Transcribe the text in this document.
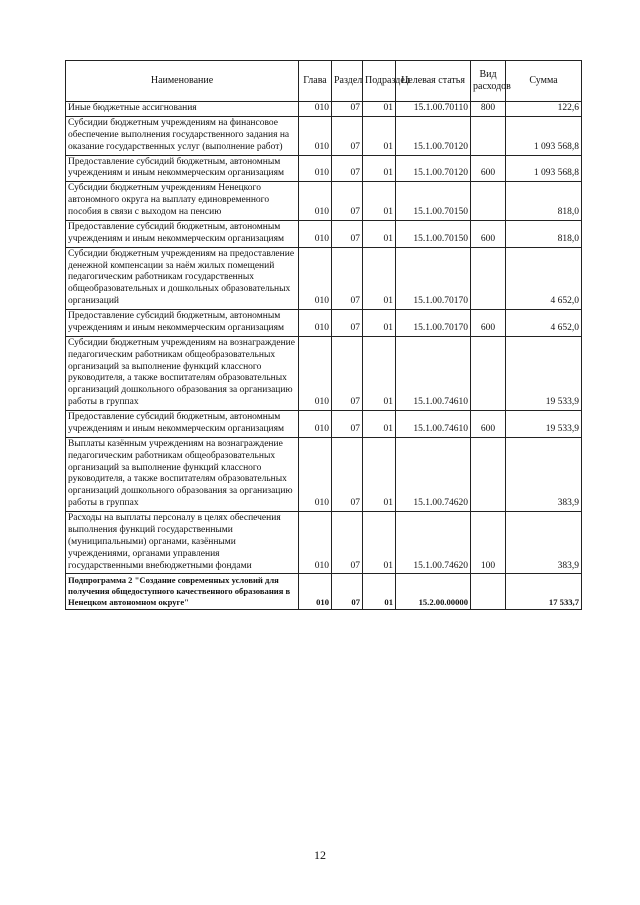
Наименование	Глава	Раздел	Подраздел	Целевая статья	Вид расходов	Сумма
Иные бюджетные ассигнования	010	07	01	15.1.00.70110	800	122,6
Субсидии бюджетным учреждениям на финансовое обеспечение выполнения государственного задания на оказание государственных услуг (выполнение работ)	010	07	01	15.1.00.70120		1 093 568,8
Предоставление субсидий бюджетным, автономным учреждениям и иным некоммерческим организациям	010	07	01	15.1.00.70120	600	1 093 568,8
Субсидии бюджетным учреждениям Ненецкого автономного округа на выплату единовременного пособия в связи с выходом на пенсию	010	07	01	15.1.00.70150		818,0
Предоставление субсидий бюджетным, автономным учреждениям и иным некоммерческим организациям	010	07	01	15.1.00.70150	600	818,0
Субсидии бюджетным учреждениям на предоставление денежной компенсации за наём жилых помещений педагогическим работникам государственных общеобразовательных и дошкольных образовательных организаций	010	07	01	15.1.00.70170		4 652,0
Предоставление субсидий бюджетным, автономным учреждениям и иным некоммерческим организациям	010	07	01	15.1.00.70170	600	4 652,0
Субсидии бюджетным учреждениям на вознаграждение педагогическим работникам общеобразовательных организаций за выполнение функций классного руководителя, а также воспитателям образовательных организаций дошкольного образования за организацию работы в группах	010	07	01	15.1.00.74610		19 533,9
Предоставление субсидий бюджетным, автономным учреждениям и иным некоммерческим организациям	010	07	01	15.1.00.74610	600	19 533,9
Выплаты казённым учреждениям на вознаграждение педагогическим работникам общеобразовательных организаций за выполнение функций классного руководителя, а также воспитателям образовательных организаций дошкольного образования за организацию работы в группах	010	07	01	15.1.00.74620		383,9
Расходы на выплаты персоналу в целях обеспечения выполнения функций государственными (муниципальными) органами, казёнными учреждениями, органами управления государственными внебюджетными фондами	010	07	01	15.1.00.74620	100	383,9
Подпрограмма 2 "Создание современных условий для получения общедоступного качественного образования в Ненецком автономном округе"	010	07	01	15.2.00.00000		17 533,7
12
